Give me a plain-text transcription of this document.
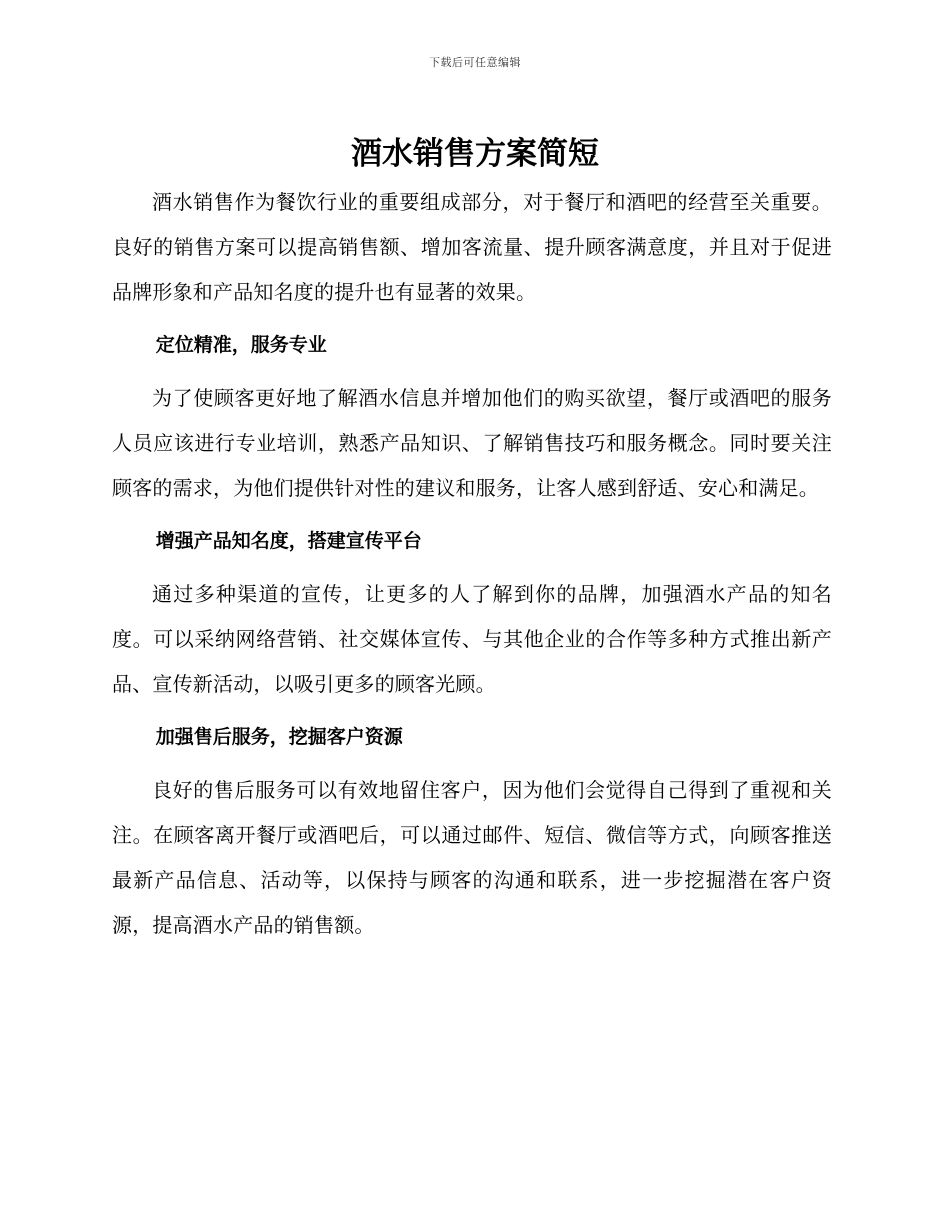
下载后可任意编辑
酒水销售方案简短

酒水销售作为餐饮行业的重要组成部分，对于餐厅和酒吧的经营至关重要。良好的销售方案可以提高销售额、增加客流量、提升顾客满意度，并且对于促进品牌形象和产品知名度的提升也有显著的效果。

定位精准，服务专业

为了使顾客更好地了解酒水信息并增加他们的购买欲望，餐厅或酒吧的服务人员应该进行专业培训，熟悉产品知识、了解销售技巧和服务概念。同时要关注顾客的需求，为他们提供针对性的建议和服务，让客人感到舒适、安心和满足。

增强产品知名度，搭建宣传平台

通过多种渠道的宣传，让更多的人了解到你的品牌，加强酒水产品的知名度。可以采纳网络营销、社交媒体宣传、与其他企业的合作等多种方式推出新产品、宣传新活动，以吸引更多的顾客光顾。

加强售后服务，挖掘客户资源

良好的售后服务可以有效地留住客户，因为他们会觉得自己得到了重视和关注。在顾客离开餐厅或酒吧后，可以通过邮件、短信、微信等方式，向顾客推送最新产品信息、活动等，以保持与顾客的沟通和联系，进一步挖掘潜在客户资源，提高酒水产品的销售额。
